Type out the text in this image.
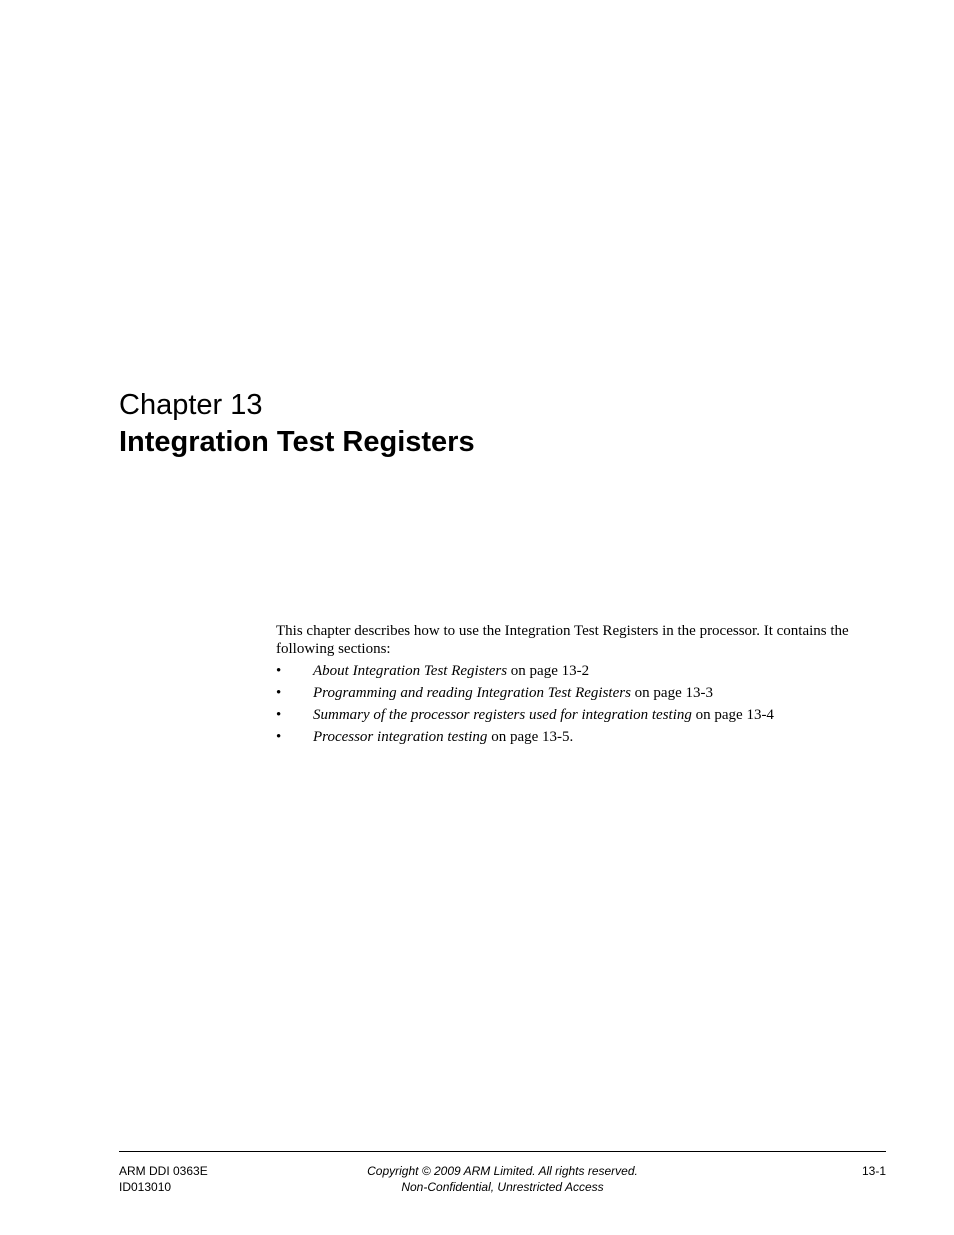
Chapter 13
Integration Test Registers

This chapter describes how to use the Integration Test Registers in the processor. It contains the following sections:

• About Integration Test Registers on page 13-2
• Programming and reading Integration Test Registers on page 13-3
• Summary of the processor registers used for integration testing on page 13-4
• Processor integration testing on page 13-5.
ARM DDI 0363E
ID013010
Copyright © 2009 ARM Limited. All rights reserved.
Non-Confidential, Unrestricted Access
13-1
